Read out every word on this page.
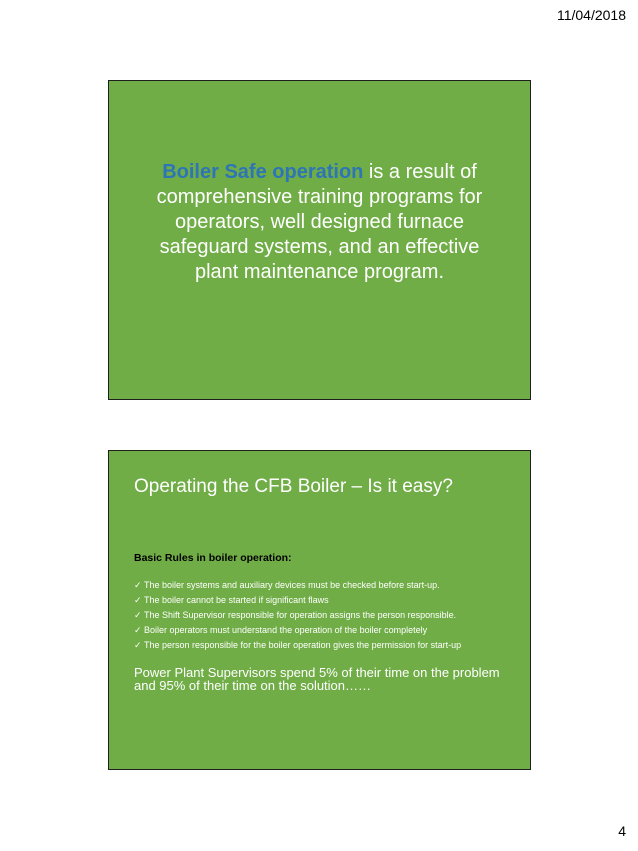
11/04/2018
Boiler Safe operation is a result of comprehensive training programs for operators, well designed furnace safeguard systems, and an effective plant maintenance program.
Operating the CFB Boiler – Is it easy?
Basic Rules in boiler operation:
✓ The boiler systems and auxiliary devices must be checked before start-up.
✓ The boiler cannot be started if significant flaws
✓ The Shift Supervisor responsible for operation assigns the person responsible.
✓ Boiler operators must understand the operation of the boiler completely
✓ The person responsible for the boiler operation gives the permission for start-up
Power Plant Supervisors spend 5% of their time on the problem and 95% of their time on the solution……
4
